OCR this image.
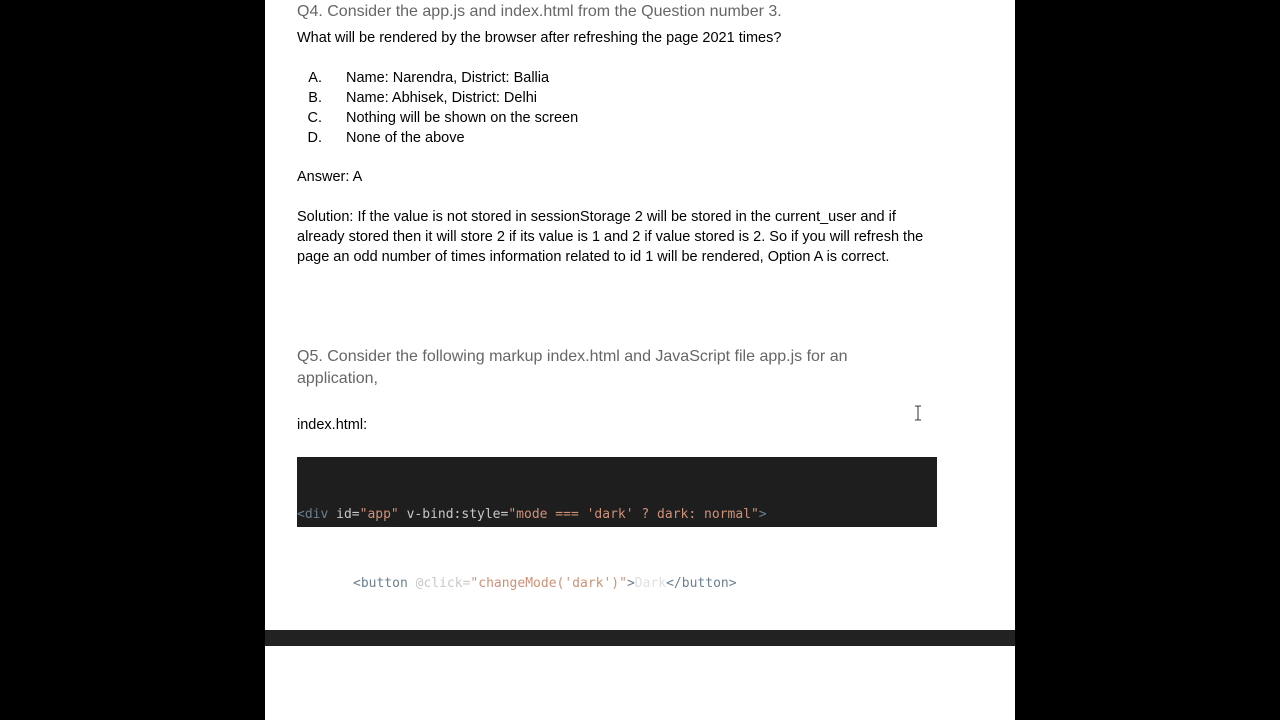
Q4. Consider the app.js and index.html from the Question number 3.

What will be rendered by the browser after refreshing the page 2021 times?

A. Name: Narendra, District: Ballia
B. Name: Abhisek, District: Delhi
C. Nothing will be shown on the screen
D. None of the above

Answer: A

Solution: If the value is not stored in sessionStorage 2 will be stored in the current_user and if already stored then it will store 2 if its value is 1 and 2 if value stored is 2. So if you will refresh the page an odd number of times information related to id 1 will be rendered, Option A is correct.

Q5. Consider the following markup index.html and JavaScript file app.js for an application,

index.html:

<div id="app" v-bind:style="mode === 'dark' ? dark: normal">

<button @click="changeMode('dark')">Dark</button>
